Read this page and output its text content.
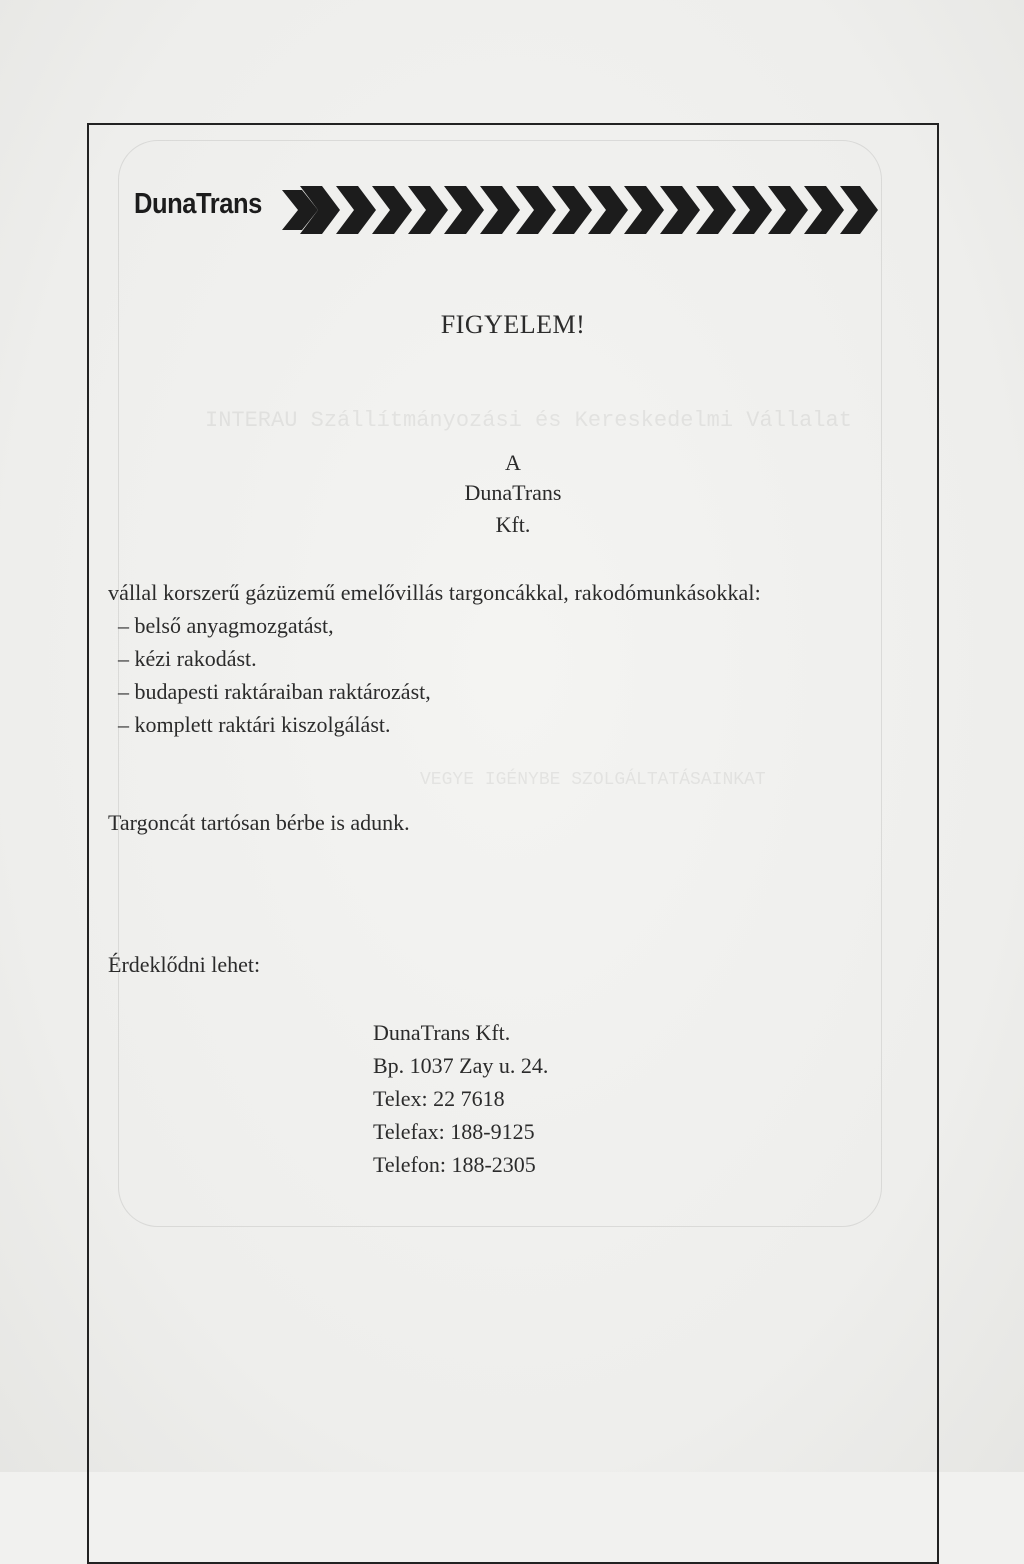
INTERAU Szállítmányozási és Kereskedelmi Vállalat
VEGYE IGÉNYBE SZOLGÁLTATÁSAINKAT
DunaTrans
FIGYELEM!
A
DunaTrans
Kft.
vállal korszerű gázüzemű emelővillás targoncákkal, rakodómunkásokkal:
– belső anyagmozgatást,
– kézi rakodást.
– budapesti raktáraiban raktározást,
– komplett raktári kiszolgálást.
Targoncát tartósan bérbe is adunk.
Érdeklődni lehet:
DunaTrans Kft.
Bp. 1037 Zay u. 24.
Telex: 22 7618
Telefax: 188-9125
Telefon: 188-2305
